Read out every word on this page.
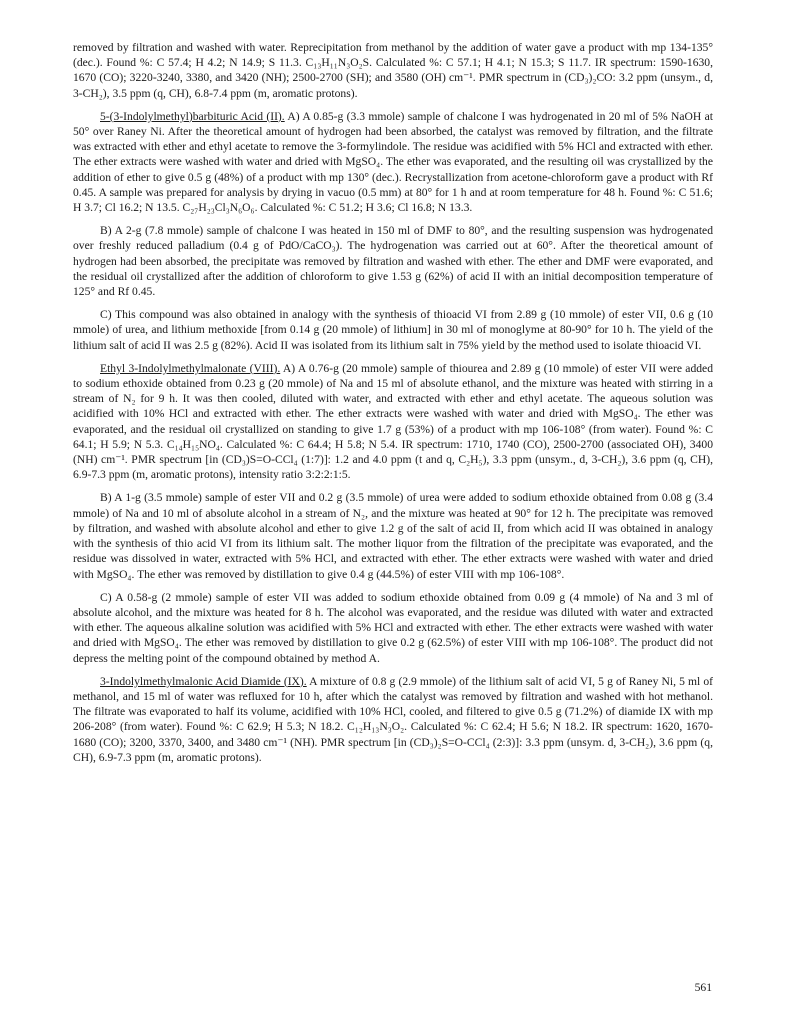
removed by filtration and washed with water. Reprecipitation from methanol by the addition of water gave a product with mp 134-135° (dec.). Found %: C 57.4; H 4.2; N 14.9; S 11.3. C₁₃H₁₁N₃O₂S. Calculated %: C 57.1; H 4.1; N 15.3; S 11.7. IR spectrum: 1590-1630, 1670 (CO); 3220-3240, 3380, and 3420 (NH); 2500-2700 (SH); and 3580 (OH) cm⁻¹. PMR spectrum in (CD₃)₂CO: 3.2 ppm (unsym., d, 3-CH₂), 3.5 ppm (q, CH), 6.8-7.4 ppm (m, aromatic protons).

5-(3-Indolylmethyl)barbituric Acid (II). A) A 0.85-g (3.3 mmole) sample of chalcone I was hydrogenated in 20 ml of 5% NaOH at 50° over Raney Ni. After the theoretical amount of hydrogen had been absorbed, the catalyst was removed by filtration, and the filtrate was extracted with ether and ethyl acetate to remove the 3-formylindole. The residue was acidified with 5% HCl and extracted with ether. The ether extracts were washed with water and dried with MgSO₄. The ether was evaporated, and the resulting oil was crystallized by the addition of ether to give 0.5 g (48%) of a product with mp 130° (dec.). Recrystallization from acetone-chloroform gave a product with Rf 0.45. A sample was prepared for analysis by drying in vacuo (0.5 mm) at 80° for 1 h and at room temperature for 48 h. Found %: C 51.6; H 3.7; Cl 16.2; N 13.5. C₂₇H₂₃Cl₃N₆O₆. Calculated %: C 51.2; H 3.6; Cl 16.8; N 13.3.

B) A 2-g (7.8 mmole) sample of chalcone I was heated in 150 ml of DMF to 80°, and the resulting suspension was hydrogenated over freshly reduced palladium (0.4 g of PdO/CaCO₃). The hydrogenation was carried out at 60°. After the theoretical amount of hydrogen had been absorbed, the precipitate was removed by filtration and washed with ether. The ether and DMF were evaporated, and the residual oil crystallized after the addition of chloroform to give 1.53 g (62%) of acid II with an initial decomposition temperature of 125° and Rf 0.45.

C) This compound was also obtained in analogy with the synthesis of thioacid VI from 2.89 g (10 mmole) of ester VII, 0.6 g (10 mmole) of urea, and lithium methoxide [from 0.14 g (20 mmole) of lithium] in 30 ml of monoglyme at 80-90° for 10 h. The yield of the lithium salt of acid II was 2.5 g (82%). Acid II was isolated from its lithium salt in 75% yield by the method used to isolate thioacid VI.

Ethyl 3-Indolylmethylmalonate (VIII). A) A 0.76-g (20 mmole) sample of thiourea and 2.89 g (10 mmole) of ester VII were added to sodium ethoxide obtained from 0.23 g (20 mmole) of Na and 15 ml of absolute ethanol, and the mixture was heated with stirring in a stream of N₂ for 9 h. It was then cooled, diluted with water, and extracted with ether and ethyl acetate. The aqueous solution was acidified with 10% HCl and extracted with ether. The ether extracts were washed with water and dried with MgSO₄. The ether was evaporated, and the residual oil crystallized on standing to give 1.7 g (53%) of a product with mp 106-108° (from water). Found %: C 64.1; H 5.9; N 5.3. C₁₄H₁₅NO₄. Calculated %: C 64.4; H 5.8; N 5.4. IR spectrum: 1710, 1740 (CO), 2500-2700 (associated OH), 3400 (NH) cm⁻¹. PMR spectrum [in (CD₃)S=O-CCl₄ (1:7)]: 1.2 and 4.0 ppm (t and q, C₂H₅), 3.3 ppm (unsym., d, 3-CH₂), 3.6 ppm (q, CH), 6.9-7.3 ppm (m, aromatic protons), intensity ratio 3:2:2:1:5.

B) A 1-g (3.5 mmole) sample of ester VII and 0.2 g (3.5 mmole) of urea were added to sodium ethoxide obtained from 0.08 g (3.4 mmole) of Na and 10 ml of absolute alcohol in a stream of N₂, and the mixture was heated at 90° for 12 h. The precipitate was removed by filtration, and washed with absolute alcohol and ether to give 1.2 g of the salt of acid II, from which acid II was obtained in analogy with the synthesis of thio acid VI from its lithium salt. The mother liquor from the filtration of the precipitate was evaporated, and the residue was dissolved in water, extracted with 5% HCl, and extracted with ether. The ether extracts were washed with water and dried with MgSO₄. The ether was removed by distillation to give 0.4 g (44.5%) of ester VIII with mp 106-108°.

C) A 0.58-g (2 mmole) sample of ester VII was added to sodium ethoxide obtained from 0.09 g (4 mmole) of Na and 3 ml of absolute alcohol, and the mixture was heated for 8 h. The alcohol was evaporated, and the residue was diluted with water and extracted with ether. The aqueous alkaline solution was acidified with 5% HCl and extracted with ether. The ether extracts were washed with water and dried with MgSO₄. The ether was removed by distillation to give 0.2 g (62.5%) of ester VIII with mp 106-108°. The product did not depress the melting point of the compound obtained by method A.

3-Indolylmethylmalonic Acid Diamide (IX). A mixture of 0.8 g (2.9 mmole) of the lithium salt of acid VI, 5 g of Raney Ni, 5 ml of methanol, and 15 ml of water was refluxed for 10 h, after which the catalyst was removed by filtration and washed with hot methanol. The filtrate was evaporated to half its volume, acidified with 10% HCl, cooled, and filtered to give 0.5 g (71.2%) of diamide IX with mp 206-208° (from water). Found %: C 62.9; H 5.3; N 18.2. C₁₂H₁₃N₃O₂. Calculated %: C 62.4; H 5.6; N 18.2. IR spectrum: 1620, 1670-1680 (CO); 3200, 3370, 3400, and 3480 cm⁻¹ (NH). PMR spectrum [in (CD₃)₂S=O-CCl₄ (2:3)]: 3.3 ppm (unsym. d, 3-CH₂), 3.6 ppm (q, CH), 6.9-7.3 ppm (m, aromatic protons).

561
